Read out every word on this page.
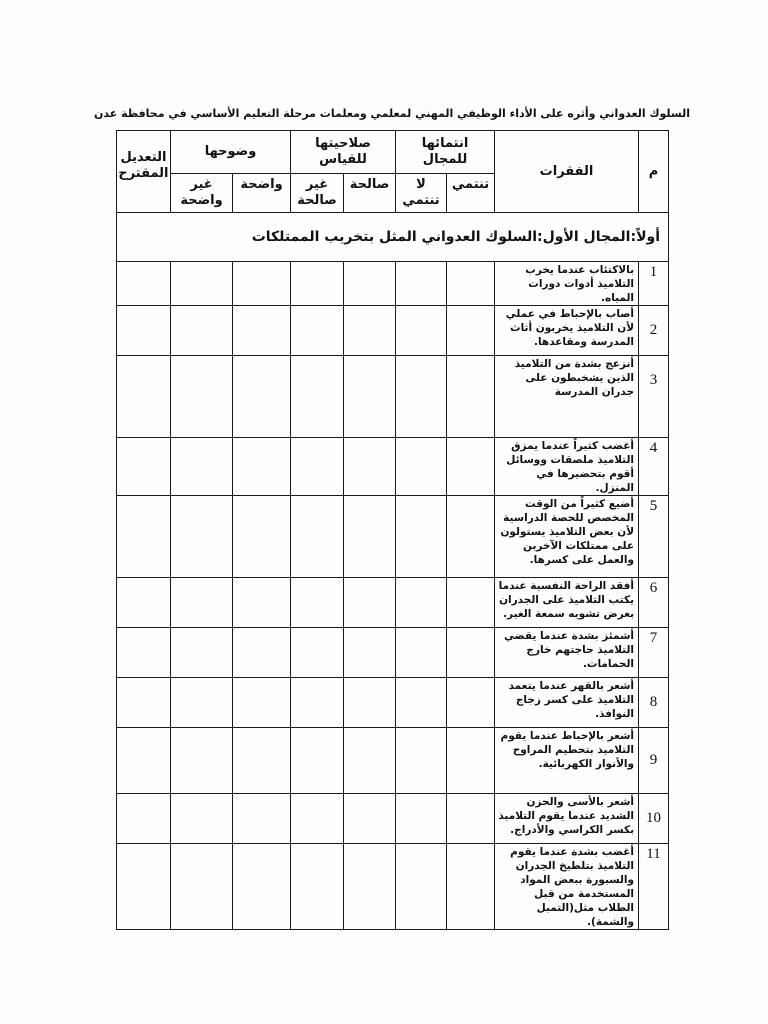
السلوك العدواني وأثره على الأداء الوظيفي المهني لمعلمي ومعلمات مرحلة التعليم الأساسي في محافظة عدن
م	الفقرات	انتمائها للمجال		صلاحيتها للقياس		وضوحها		التعديل المقترح
		تنتمي	لا تنتمي	صالحة	غير صالحة	واضحة	غير واضحة	
أولاً:المجال الأول:السلوك العدواني المثل بتخريب الممتلكات								
1	بالاكتئاب عندما يخرب التلاميذ أدوات دورات المياه.							
2	أصاب بالإحباط في عملي لأن التلاميذ يخربون أثاث المدرسة ومقاعدها.							
3	أنزعج بشدة من التلاميذ الذين يشخبطون على جدران المدرسة							
4	أغضب كثيراً عندما يمزق التلاميذ ملصقات ووسائل أقوم بتحضيرها في المنزل.							
5	أضيع كثيراً من الوقت المخصص للحصة الدراسية لأن بعض التلاميذ يستولون على ممتلكات الآخرين والعمل على كسرها.							
6	أفقد الراحة النفسية عندما يكتب التلاميذ على الجدران بغرض تشويه سمعة الغير.							
7	أشمئز بشدة عندما يقضي التلاميذ حاجتهم خارج الحمامات.							
8	أشعر بالقهر عندما يتعمد التلاميذ على كسر زجاج النوافذ.							
9	أشعر بالإحباط عندما يقوم التلاميذ بتحطيم المراوح والأنوار الكهربائية.							
10	أشعر بالأسى والحزن الشديد عندما يقوم التلاميذ بكسر الكراسي والأدراج.							
11	أغضب بشدة عندما يقوم التلاميذ بتلطيخ الجدران والسبورة ببعض المواد المستخدمة من قبل الطلاب مثل(التمبل والشمة).							
